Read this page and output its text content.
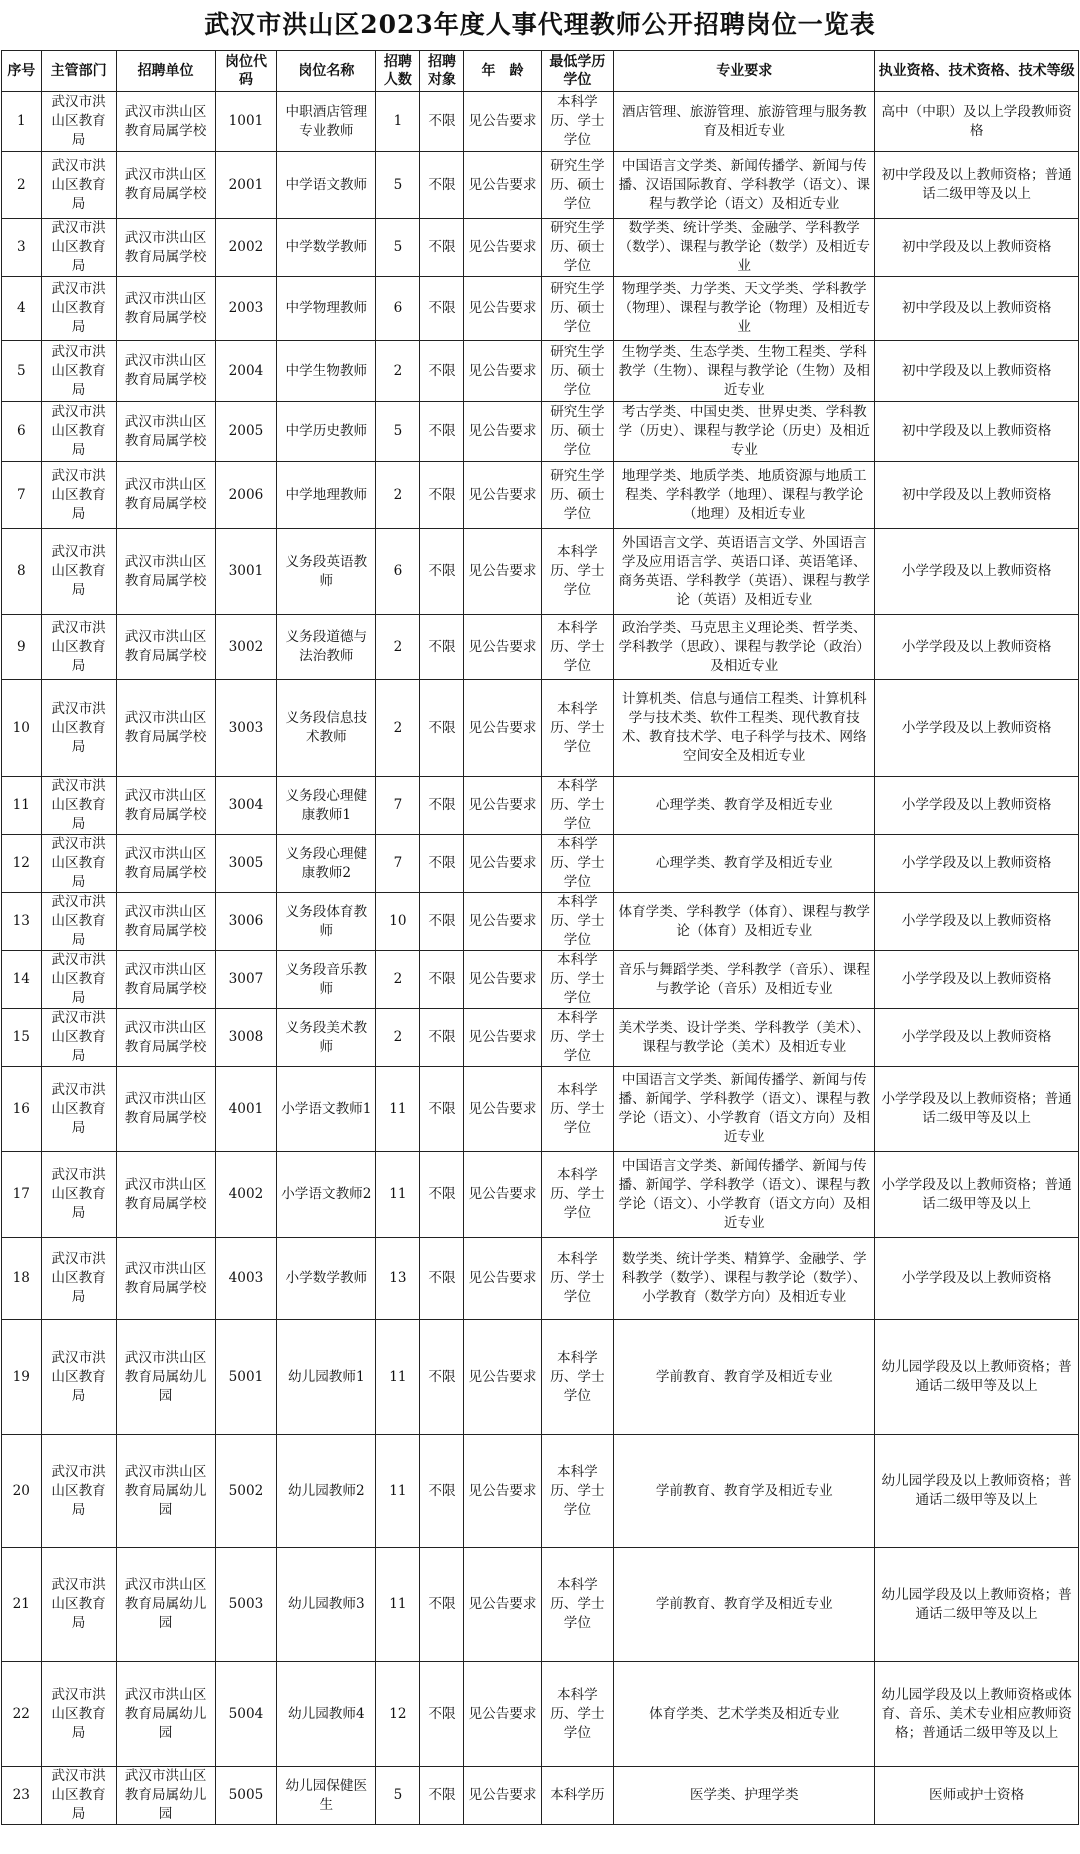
武汉市洪山区2023年度人事代理教师公开招聘岗位一览表
序号	主管部门	招聘单位	岗位代码	岗位名称	招聘人数	招聘对象	年　龄	最低学历学位	专业要求	执业资格、技术资格、技术等级
1	武汉市洪山区教育局	武汉市洪山区教育局属学校	1001	中职酒店管理专业教师	1	不限	见公告要求	本科学历、学士学位	酒店管理、旅游管理、旅游管理与服务教育及相近专业	高中（中职）及以上学段教师资格
2	武汉市洪山区教育局	武汉市洪山区教育局属学校	2001	中学语文教师	5	不限	见公告要求	研究生学历、硕士学位	中国语言文学类、新闻传播学、新闻与传播、汉语国际教育、学科教学（语文）、课程与教学论（语文）及相近专业	初中学段及以上教师资格；普通话二级甲等及以上
3	武汉市洪山区教育局	武汉市洪山区教育局属学校	2002	中学数学教师	5	不限	见公告要求	研究生学历、硕士学位	数学类、统计学类、金融学、学科教学（数学）、课程与教学论（数学）及相近专业	初中学段及以上教师资格
4	武汉市洪山区教育局	武汉市洪山区教育局属学校	2003	中学物理教师	6	不限	见公告要求	研究生学历、硕士学位	物理学类、力学类、天文学类、学科教学（物理）、课程与教学论（物理）及相近专业	初中学段及以上教师资格
5	武汉市洪山区教育局	武汉市洪山区教育局属学校	2004	中学生物教师	2	不限	见公告要求	研究生学历、硕士学位	生物学类、生态学类、生物工程类、学科教学（生物）、课程与教学论（生物）及相近专业	初中学段及以上教师资格
6	武汉市洪山区教育局	武汉市洪山区教育局属学校	2005	中学历史教师	5	不限	见公告要求	研究生学历、硕士学位	考古学类、中国史类、世界史类、学科教学（历史）、课程与教学论（历史）及相近专业	初中学段及以上教师资格
7	武汉市洪山区教育局	武汉市洪山区教育局属学校	2006	中学地理教师	2	不限	见公告要求	研究生学历、硕士学位	地理学类、地质学类、地质资源与地质工程类、学科教学（地理）、课程与教学论（地理）及相近专业	初中学段及以上教师资格
8	武汉市洪山区教育局	武汉市洪山区教育局属学校	3001	义务段英语教师	6	不限	见公告要求	本科学历、学士学位	外国语言文学、英语语言文学、外国语言学及应用语言学、英语口译、英语笔译、商务英语、学科教学（英语）、课程与教学论（英语）及相近专业	小学学段及以上教师资格
9	武汉市洪山区教育局	武汉市洪山区教育局属学校	3002	义务段道德与法治教师	2	不限	见公告要求	本科学历、学士学位	政治学类、马克思主义理论类、哲学类、学科教学（思政）、课程与教学论（政治）及相近专业	小学学段及以上教师资格
10	武汉市洪山区教育局	武汉市洪山区教育局属学校	3003	义务段信息技术教师	2	不限	见公告要求	本科学历、学士学位	计算机类、信息与通信工程类、计算机科学与技术类、软件工程类、现代教育技术、教育技术学、电子科学与技术、网络空间安全及相近专业	小学学段及以上教师资格
11	武汉市洪山区教育局	武汉市洪山区教育局属学校	3004	义务段心理健康教师1	7	不限	见公告要求	本科学历、学士学位	心理学类、教育学及相近专业	小学学段及以上教师资格
12	武汉市洪山区教育局	武汉市洪山区教育局属学校	3005	义务段心理健康教师2	7	不限	见公告要求	本科学历、学士学位	心理学类、教育学及相近专业	小学学段及以上教师资格
13	武汉市洪山区教育局	武汉市洪山区教育局属学校	3006	义务段体育教师	10	不限	见公告要求	本科学历、学士学位	体育学类、学科教学（体育）、课程与教学论（体育）及相近专业	小学学段及以上教师资格
14	武汉市洪山区教育局	武汉市洪山区教育局属学校	3007	义务段音乐教师	2	不限	见公告要求	本科学历、学士学位	音乐与舞蹈学类、学科教学（音乐）、课程与教学论（音乐）及相近专业	小学学段及以上教师资格
15	武汉市洪山区教育局	武汉市洪山区教育局属学校	3008	义务段美术教师	2	不限	见公告要求	本科学历、学士学位	美术学类、设计学类、学科教学（美术）、课程与教学论（美术）及相近专业	小学学段及以上教师资格
16	武汉市洪山区教育局	武汉市洪山区教育局属学校	4001	小学语文教师1	11	不限	见公告要求	本科学历、学士学位	中国语言文学类、新闻传播学、新闻与传播、新闻学、学科教学（语文）、课程与教学论（语文）、小学教育（语文方向）及相近专业	小学学段及以上教师资格；普通话二级甲等及以上
17	武汉市洪山区教育局	武汉市洪山区教育局属学校	4002	小学语文教师2	11	不限	见公告要求	本科学历、学士学位	中国语言文学类、新闻传播学、新闻与传播、新闻学、学科教学（语文）、课程与教学论（语文）、小学教育（语文方向）及相近专业	小学学段及以上教师资格；普通话二级甲等及以上
18	武汉市洪山区教育局	武汉市洪山区教育局属学校	4003	小学数学教师	13	不限	见公告要求	本科学历、学士学位	数学类、统计学类、精算学、金融学、学科教学（数学）、课程与教学论（数学）、小学教育（数学方向）及相近专业	小学学段及以上教师资格
19	武汉市洪山区教育局	武汉市洪山区教育局属幼儿园	5001	幼儿园教师1	11	不限	见公告要求	本科学历、学士学位	学前教育、教育学及相近专业	幼儿园学段及以上教师资格；普通话二级甲等及以上
20	武汉市洪山区教育局	武汉市洪山区教育局属幼儿园	5002	幼儿园教师2	11	不限	见公告要求	本科学历、学士学位	学前教育、教育学及相近专业	幼儿园学段及以上教师资格；普通话二级甲等及以上
21	武汉市洪山区教育局	武汉市洪山区教育局属幼儿园	5003	幼儿园教师3	11	不限	见公告要求	本科学历、学士学位	学前教育、教育学及相近专业	幼儿园学段及以上教师资格；普通话二级甲等及以上
22	武汉市洪山区教育局	武汉市洪山区教育局属幼儿园	5004	幼儿园教师4	12	不限	见公告要求	本科学历、学士学位	体育学类、艺术学类及相近专业	幼儿园学段及以上教师资格或体育、音乐、美术专业相应教师资格；普通话二级甲等及以上
23	武汉市洪山区教育局	武汉市洪山区教育局属幼儿园	5005	幼儿园保健医生	5	不限	见公告要求	本科学历	医学类、护理学类	医师或护士资格
